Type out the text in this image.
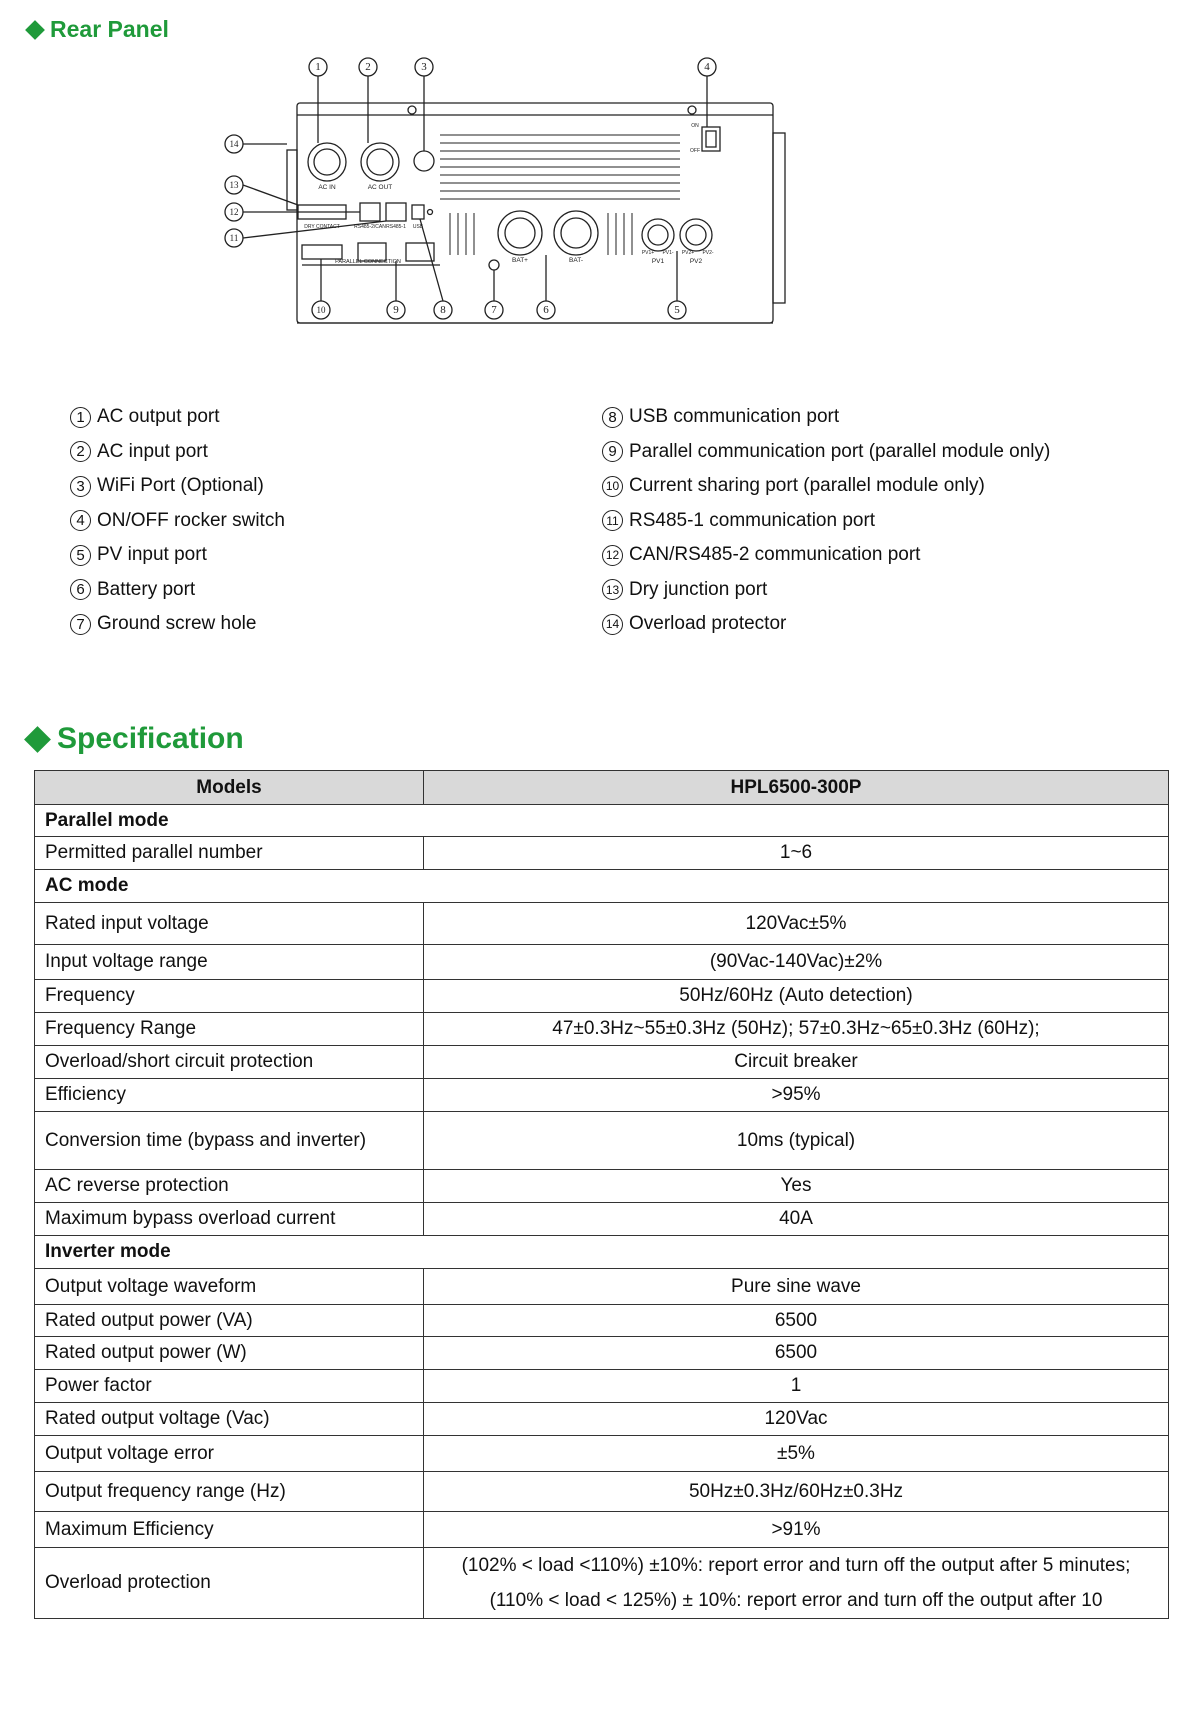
Rear Panel
AC IN	AC OUT
DRY CONTACT	RS485-2/CAN RS485-1 USB
PARALLEL CONNECTION	BAT+	BAT-
PV1+ PV1- PV2+ PV2-
PV1	PV2
ON
OFF
1	2	3	4
5
6
7
8
9
10
11
12
13
14
1 AC output port
2 AC input port
3 WiFi Port (Optional)
4 ON/OFF rocker switch
5 PV input port
6 Battery port
7 Ground screw hole
8 USB communication port
9 Parallel communication port (parallel module only)
10 Current sharing port (parallel module only)
11 RS485-1 communication port
12 CAN/RS485-2 communication port
13 Dry junction port
14 Overload protector
Specification
Models	HPL6500-300P
Parallel mode	
Permitted parallel number	1~6
AC mode	
Rated input voltage	120Vac±5%
Input voltage range	(90Vac-140Vac)±2%
Frequency	50Hz/60Hz (Auto detection)
Frequency Range	47±0.3Hz~55±0.3Hz (50Hz); 57±0.3Hz~65±0.3Hz (60Hz);
Overload/short circuit protection	Circuit breaker
Efficiency	>95%
Conversion time (bypass and inverter)	10ms (typical)
AC reverse protection	Yes
Maximum bypass overload current	40A
Inverter mode	
Output voltage waveform	Pure sine wave
Rated output power (VA)	6500
Rated output power (W)	6500
Power factor	1
Rated output voltage (Vac)	120Vac
Output voltage error	±5%
Output frequency range (Hz)	50Hz±0.3Hz/60Hz±0.3Hz
Maximum Efficiency	>91%
Overload protection	(102% < load <110%) ±10%: report error and turn off the output after 5 minutes;
(110% < load < 125%) ± 10%: report error and turn off the output after 10
